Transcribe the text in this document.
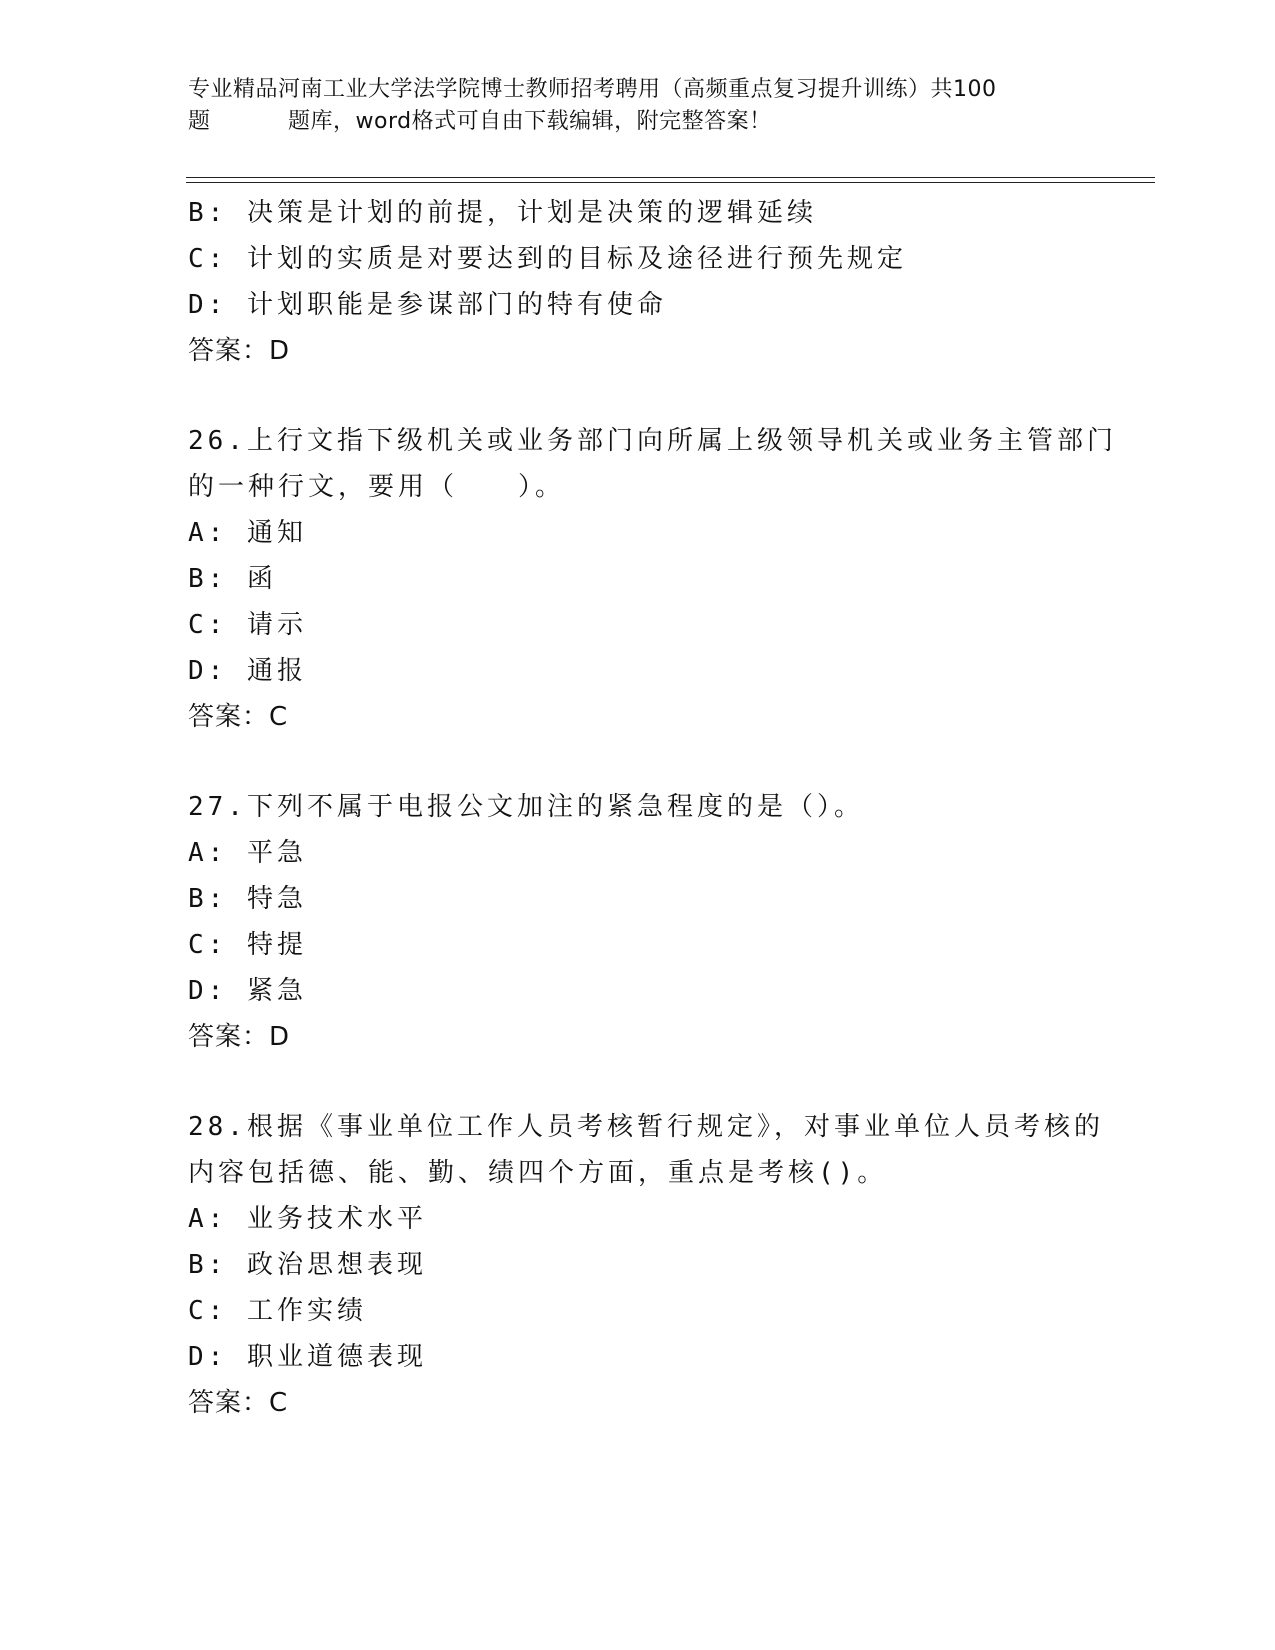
专业精品河南工业大学法学院博士教师招考聘用（高频重点复习提升训练）共100
题	题库，word格式可自由下载编辑，附完整答案！
B: 决策是计划的前提，计划是决策的逻辑延续
C: 计划的实质是对要达到的目标及途径进行预先规定
D: 计划职能是参谋部门的特有使命
答案：D
26.上行文指下级机关或业务部门向所属上级领导机关或业务主管部门
的一种行文，要用（　　）。
A: 通知
B: 函
C: 请示
D: 通报
答案：C
27.下列不属于电报公文加注的紧急程度的是（）。
A: 平急
B: 特急
C: 特提
D: 紧急
答案：D
28.根据《事业单位工作人员考核暂行规定》，对事业单位人员考核的
内容包括德、能、勤、绩四个方面，重点是考核()。
A: 业务技术水平
B: 政治思想表现
C: 工作实绩
D: 职业道德表现
答案：C
